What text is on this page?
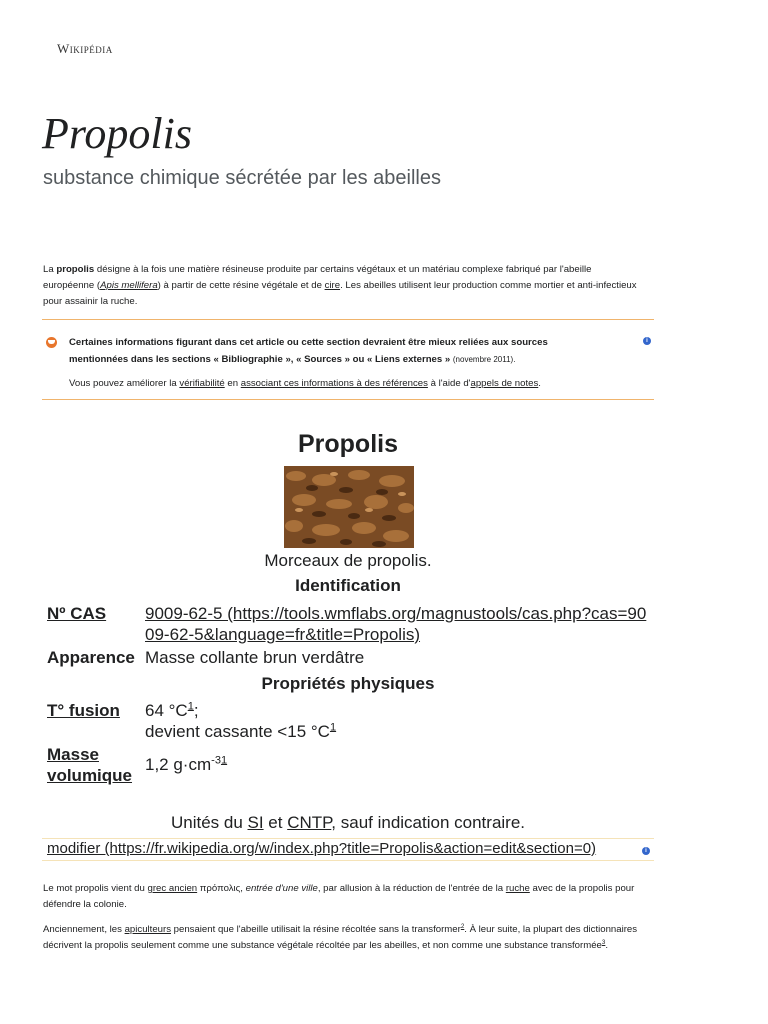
Wikipédia
Propolis
substance chimique sécrétée par les abeilles

La propolis désigne à la fois une matière résineuse produite par certains végétaux et un matériau complexe fabriqué par l'abeille européenne (Apis mellifera) à partir de cette résine végétale et de cire. Les abeilles utilisent leur production comme mortier et anti-infectieux pour assainir la ruche.

Certaines informations figurant dans cet article ou cette section devraient être mieux reliées aux sources mentionnées dans les sections « Bibliographie », « Sources » ou « Liens externes » (novembre 2011).
Vous pouvez améliorer la vérifiabilité en associant ces informations à des références à l'aide d'appels de notes.
i
Propolis
Morceaux de propolis.
Identification
Nº CAS 9009-62-5 (https://tools.wmflabs.org/magnustools/cas.php?cas=9009-62-5&language=fr&title=Propolis)
Apparence Masse collante brun verdâtre
Propriétés physiques
T° fusion 64 $^\circ C^1$;
devient cassante <15 $^\circ C^1$
Masse
volumique
1,2 $g\cdot cm^{-31}$
Unités du SI et CNTP, sauf indication contraire.
modifier (https://fr.wikipedia.org/w/index.php?title=Propolis&action=edit&section=0)	i

Le mot propolis vient du grec ancien πρόπολις, entrée d'une ville, par allusion à la réduction de l'entrée de la ruche avec de la propolis pour défendre la colonie.

Anciennement, les apiculteurs pensaient que l'abeille utilisait la résine récoltée sans la transformer$^2$. À leur suite, la plupart des dictionnaires décrivent la propolis seulement comme une substance végétale récoltée par les abeilles, et non comme une substance transformée$^3$.
